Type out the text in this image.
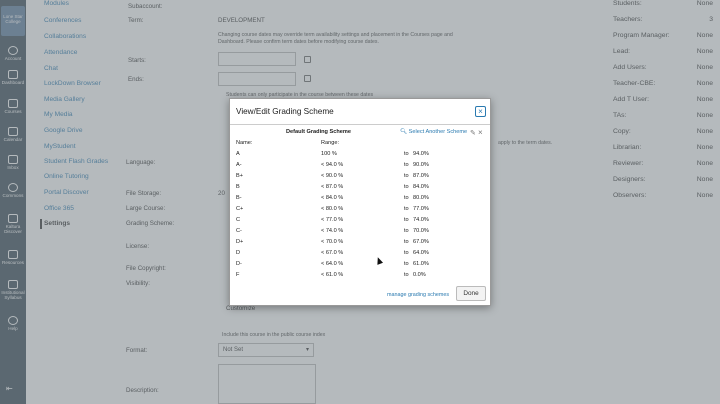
View/Edit Grading Scheme	×
Default Grading Scheme	🔍︎ Select Another Scheme ✎ ×
Name:	Range:
A	100 %	to 94.0%
A-	< 94.0 %	to 90.0%
B+	< 90.0 %	to 87.0%
B	< 87.0 %	to 84.0%
B-	< 84.0 %	to 80.0%
C+	< 80.0 %	to 77.0%
C	< 77.0 %	to 74.0%
C-	< 74.0 %	to 70.0%
D+	< 70.0 %	to 67.0%
D	< 67.0 %	to 64.0%
D-	< 64.0 %	to 61.0%
F	< 61.0 %	to 0.0%
manage grading schemes	Done
